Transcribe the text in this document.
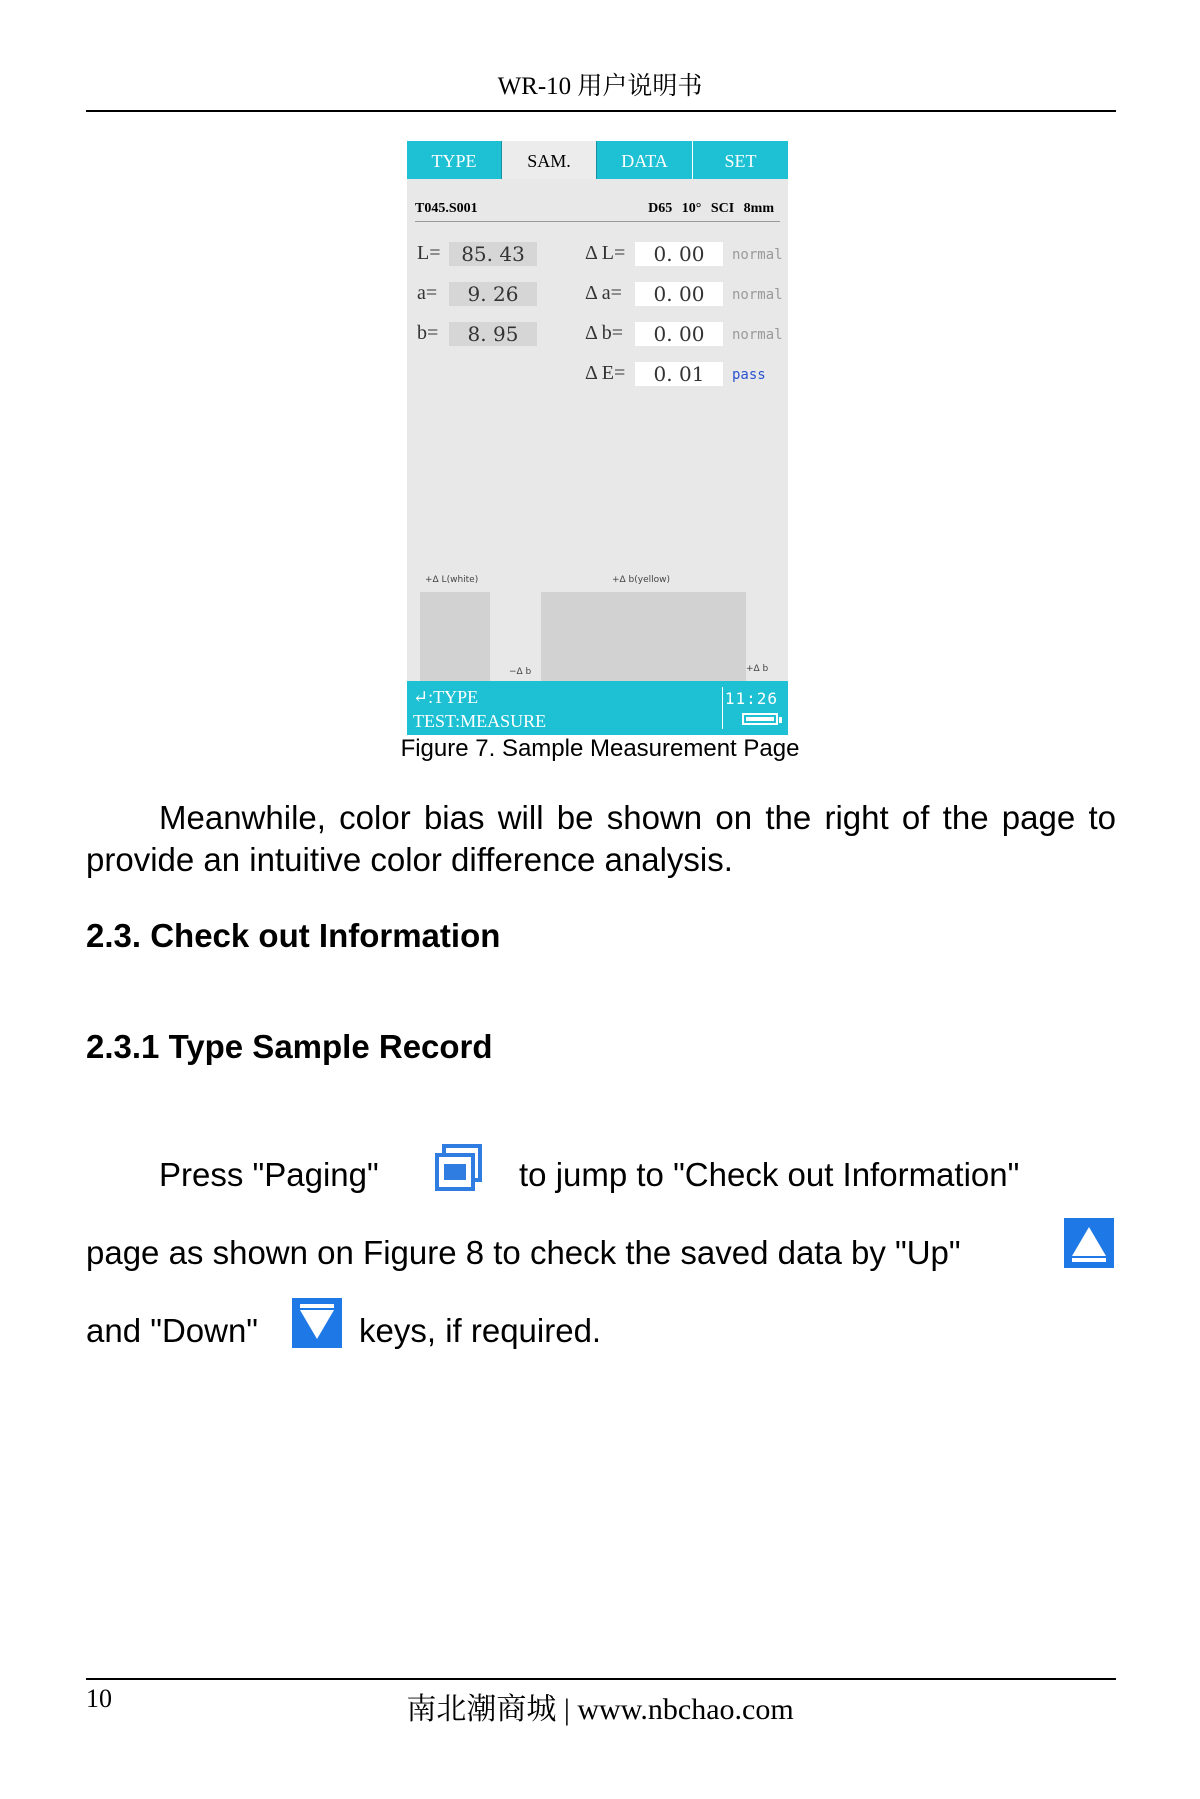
WR-10 用户说明书
TYPE	SAM.	DATA	SET
T045.S001	D65 10° SCI 8mm
L=	85. 43
a=	9. 26
b=	8. 95
Δ L=	0. 00	normal
Δ a=	0. 00	normal
Δ b=	0. 00	normal
Δ E=	0. 01	pass
+Δ L(white)	+Δ b(yellow)
−Δ b	+Δ b
↵:TYPE
TEST:MEASURE
11:26
Figure 7. Sample Measurement Page
Meanwhile, color bias will be shown on the right of the page to provide an intuitive color difference analysis.
2.3. Check out Information
2.3.1 Type Sample Record
Press "Paging"	to jump to "Check out Information"
page as shown on Figure 8 to check the saved data by "Up"
and "Down"	keys, if required.
10	南北潮商城 | www.nbchao.com
